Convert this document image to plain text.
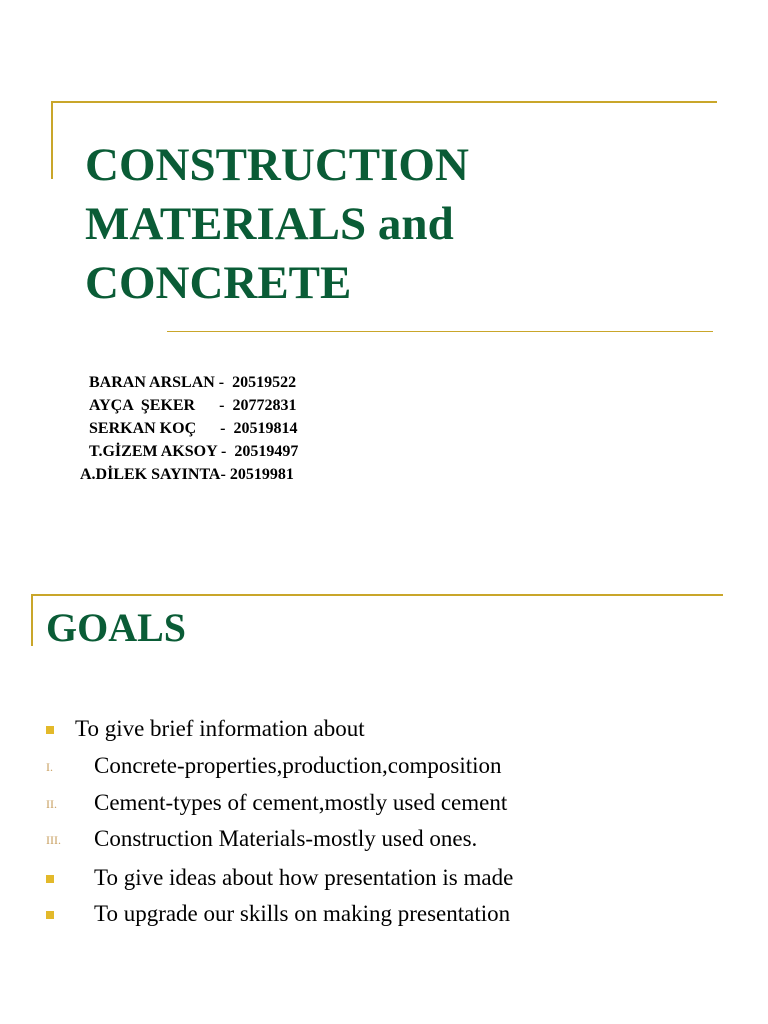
CONSTRUCTION
MATERIALS and
CONCRETE
BARAN ARSLAN -  20519522
AYÇA  ŞEKER      -  20772831
SERKAN KOÇ      -  20519814
T.GİZEM AKSOY -  20519497
A.DİLEK SAYINTA- 20519981
GOALS
To give brief information about
I. Concrete-properties,production,composition
II. Cement-types of cement,mostly used cement
III. Construction Materials-mostly used ones.
To give ideas about how presentation is made
To upgrade our skills on making presentation
